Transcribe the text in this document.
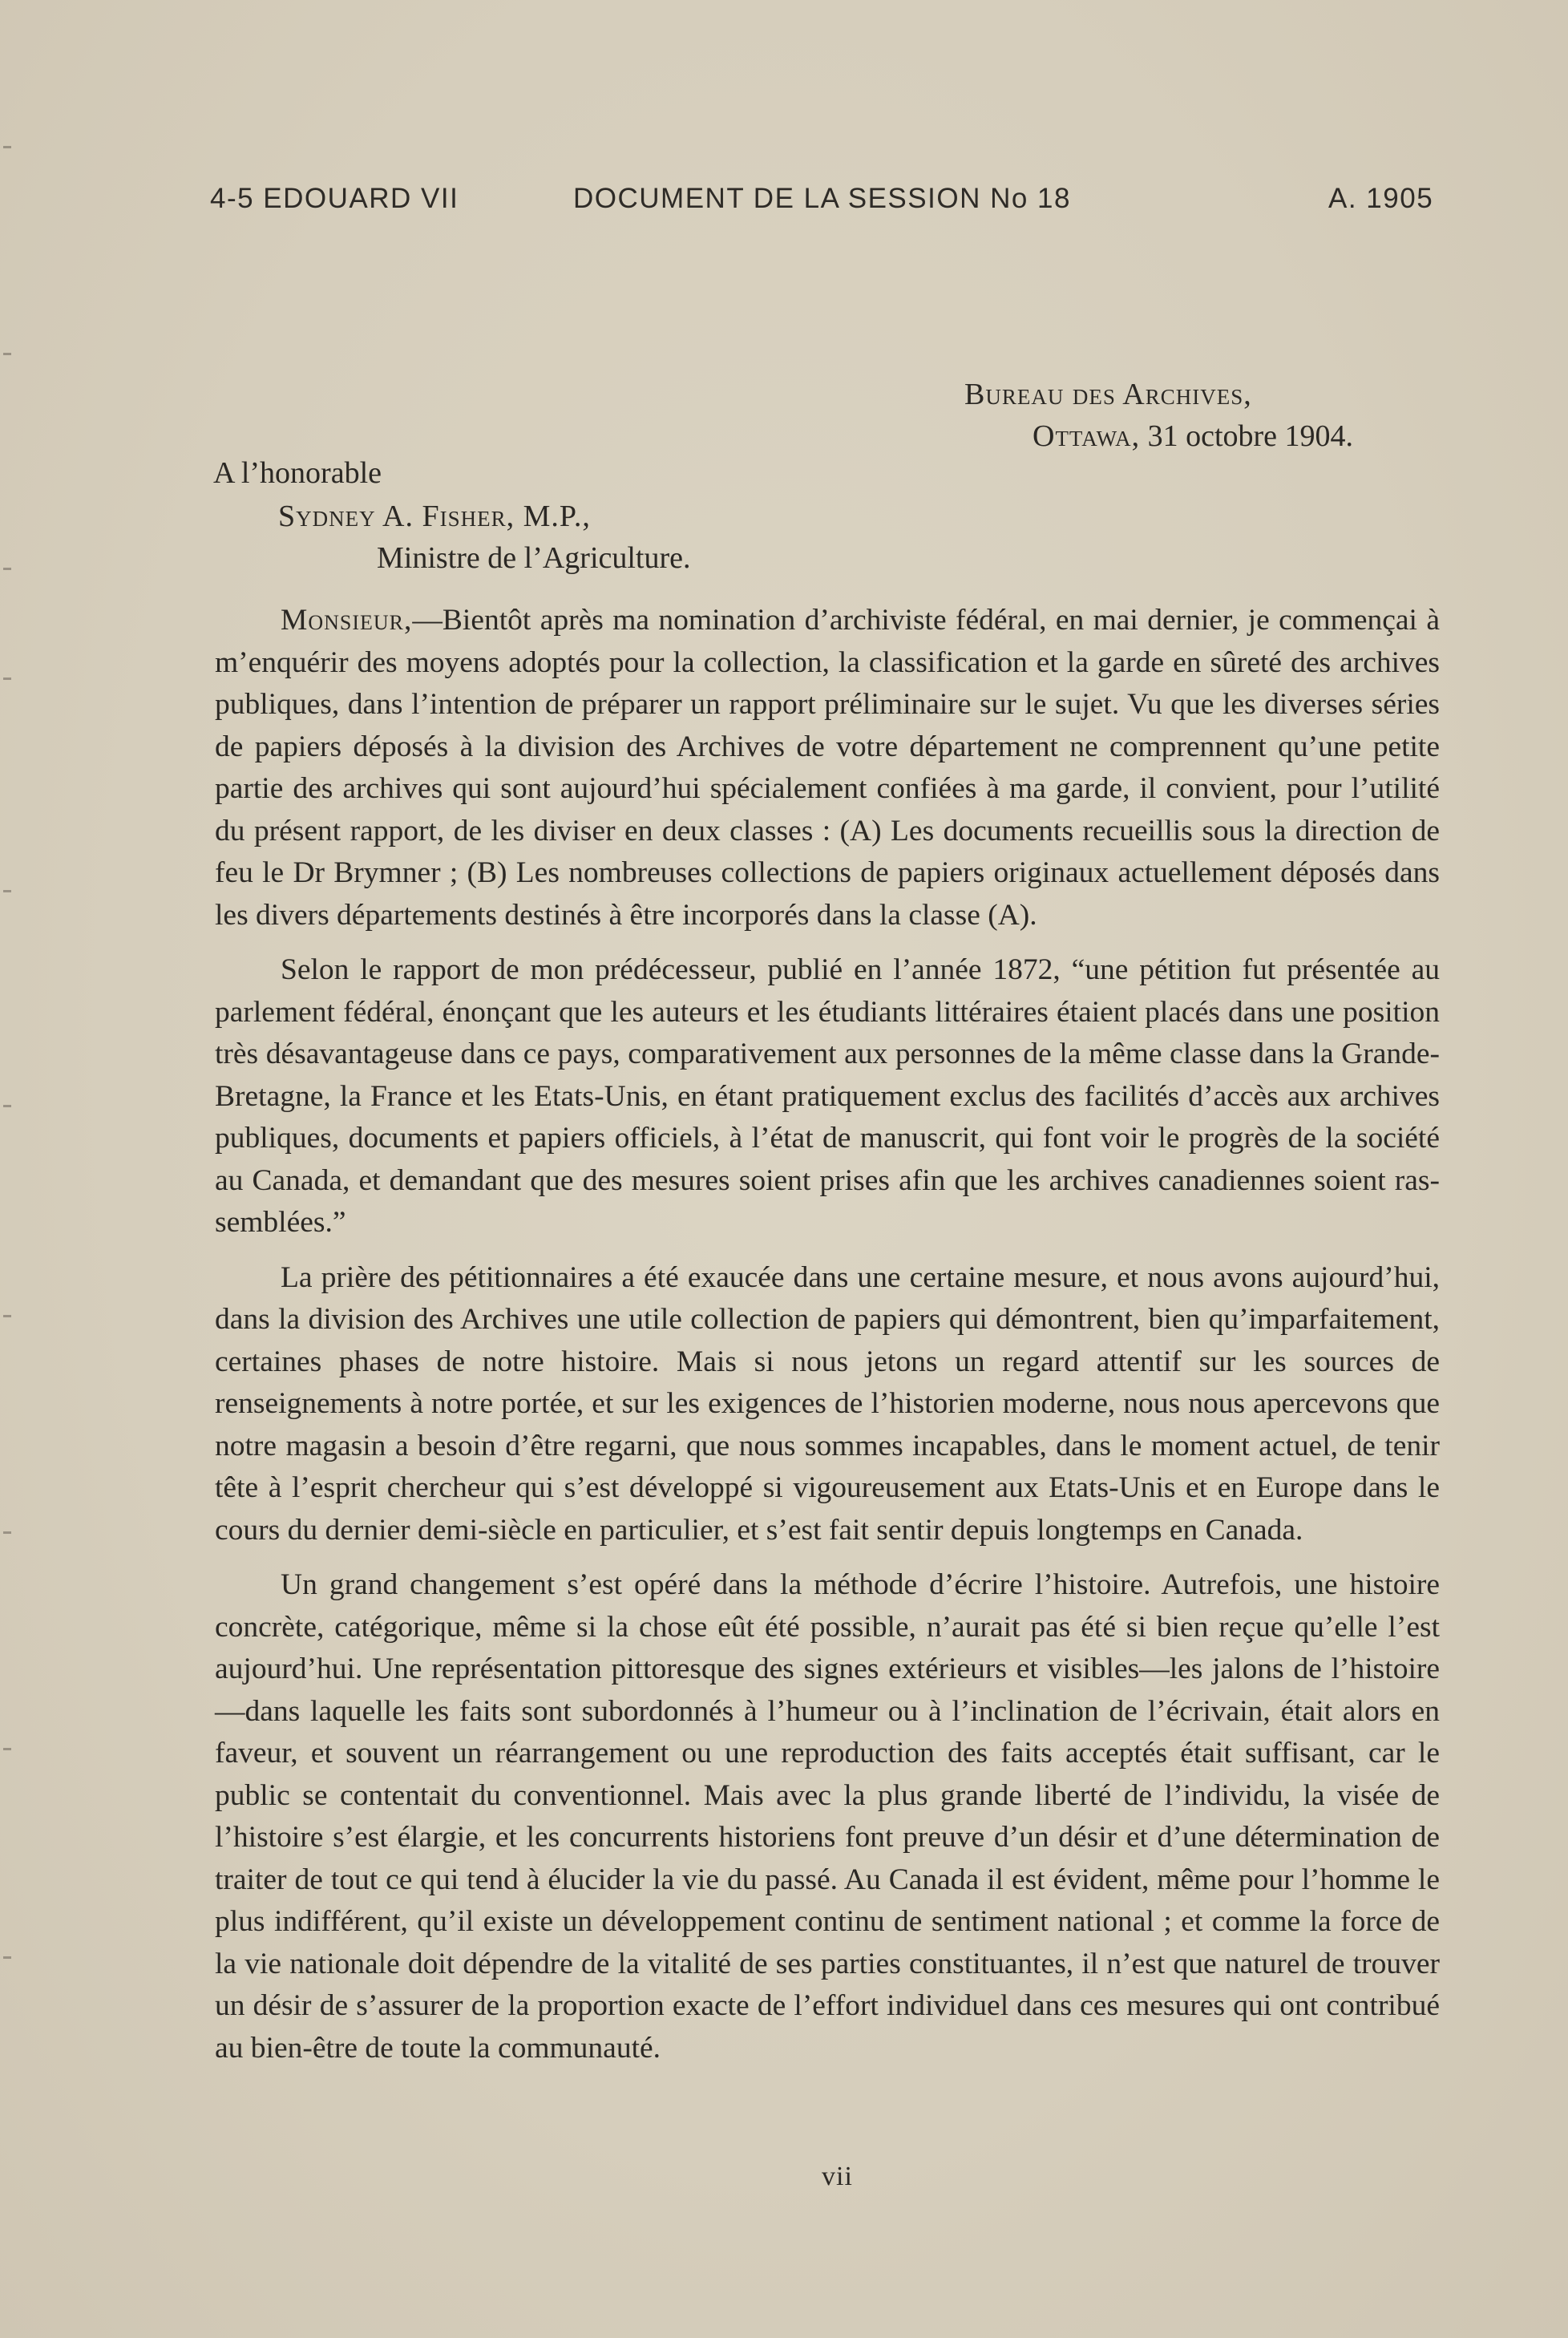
4-5 EDOUARD VII	DOCUMENT DE LA SESSION No 18	A. 1905
Bureau des Archives,
Ottawa, 31 octobre 1904.
A l’honorable
Sydney A. Fisher, M.P.,
Ministre de l’Agriculture.

Monsieur,—Bientôt après ma nomination d’archiviste fédéral, en mai dernier, je commençai à m’enquérir des moyens adoptés pour la collection, la classification et la garde en sûreté des archives publiques, dans l’intention de préparer un rapport préliminaire sur le sujet. Vu que les diverses séries de papiers déposés à la division des Archives de votre département ne comprennent qu’une petite partie des archives qui sont aujourd’hui spécialement confiées à ma garde, il convient, pour l’utilité du présent rapport, de les diviser en deux classes : (A) Les documents recueillis sous la direction de feu le Dr Brymner ; (B) Les nombreuses collections de papiers originaux actuellement déposés dans les divers départements destinés à être incorporés dans la classe (A).

Selon le rapport de mon prédécesseur, publié en l’année 1872, “une pétition fut présentée au parlement fédéral, énonçant que les auteurs et les étudiants littéraires étaient placés dans une position très désavantageuse dans ce pays, comparativement aux personnes de la même classe dans la Grande-Bretagne, la France et les Etats-Unis, en étant pratiquement exclus des facilités d’accès aux archives publiques, documents et papiers officiels, à l’état de manuscrit, qui font voir le progrès de la société au Canada, et demandant que des mesures soient prises afin que les archives canadiennes soient rassemblées.”

La prière des pétitionnaires a été exaucée dans une certaine mesure, et nous avons aujourd’hui, dans la division des Archives une utile collection de papiers qui démontrent, bien qu’imparfaitement, certaines phases de notre histoire. Mais si nous jetons un regard attentif sur les sources de renseignements à notre portée, et sur les exigences de l’historien moderne, nous nous apercevons que notre magasin a besoin d’être regarni, que nous sommes incapables, dans le moment actuel, de tenir tête à l’esprit chercheur qui s’est développé si vigoureusement aux Etats-Unis et en Europe dans le cours du dernier demi-siècle en particulier, et s’est fait sentir depuis longtemps en Canada.

Un grand changement s’est opéré dans la méthode d’écrire l’histoire. Autrefois, une histoire concrète, catégorique, même si la chose eût été possible, n’aurait pas été si bien reçue qu’elle l’est aujourd’hui. Une représentation pittoresque des signes extérieurs et visibles—les jalons de l’histoire—dans laquelle les faits sont subordonnés à l’humeur ou à l’inclination de l’écrivain, était alors en faveur, et souvent un réarrangement ou une reproduction des faits acceptés était suffisant, car le public se contentait du conventionnel. Mais avec la plus grande liberté de l’individu, la visée de l’histoire s’est élargie, et les concurrents historiens font preuve d’un désir et d’une détermination de traiter de tout ce qui tend à élucider la vie du passé. Au Canada il est évident, même pour l’homme le plus indifférent, qu’il existe un développement continu de sentiment national ; et comme la force de la vie nationale doit dépendre de la vitalité de ses parties constituantes, il n’est que naturel de trouver un désir de s’assurer de la proportion exacte de l’effort individuel dans ces mesures qui ont contribué au bien-être de toute la communauté.

vii
